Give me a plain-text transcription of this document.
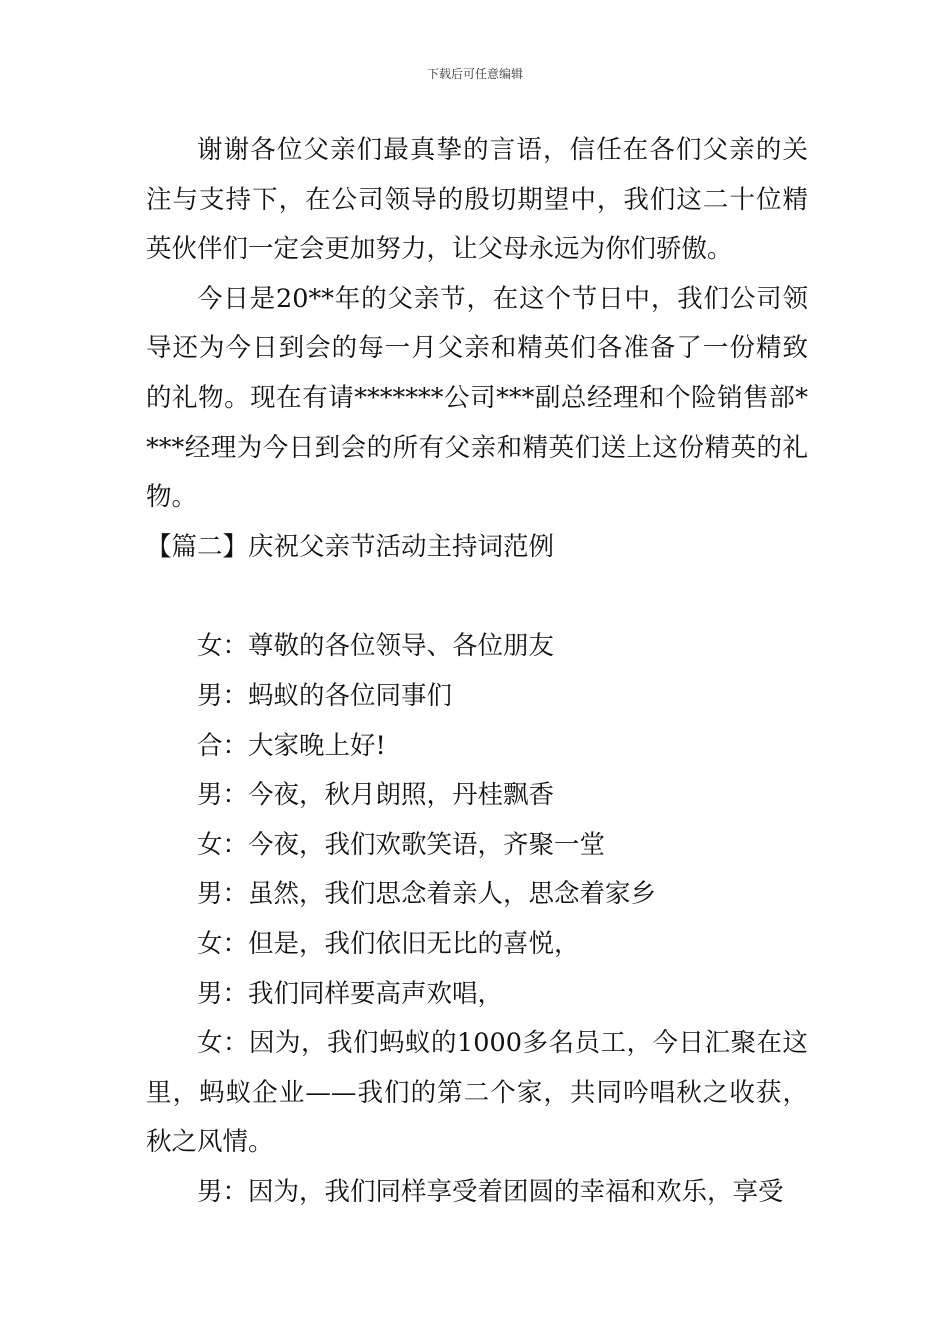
下载后可任意编辑

谢谢各位父亲们最真挚的言语，信任在各们父亲的关注与支持下，在公司领导的殷切期望中，我们这二十位精英伙伴们一定会更加努力，让父母永远为你们骄傲。

今日是20**年的父亲节，在这个节日中，我们公司领导还为今日到会的每一月父亲和精英们各准备了一份精致的礼物。现在有请*******公司***副总经理和个险销售部****经理为今日到会的所有父亲和精英们送上这份精英的礼物。

【篇二】庆祝父亲节活动主持词范例

女：尊敬的各位领导、各位朋友

男：蚂蚁的各位同事们

合：大家晚上好!

男：今夜，秋月朗照，丹桂飘香

女：今夜，我们欢歌笑语，齐聚一堂

男：虽然，我们思念着亲人，思念着家乡

女：但是，我们依旧无比的喜悦，

男：我们同样要高声欢唱，

女：因为，我们蚂蚁的1000多名员工，今日汇聚在这里，蚂蚁企业——我们的第二个家，共同吟唱秋之收获，秋之风情。

男：因为，我们同样享受着团圆的幸福和欢乐，享受
